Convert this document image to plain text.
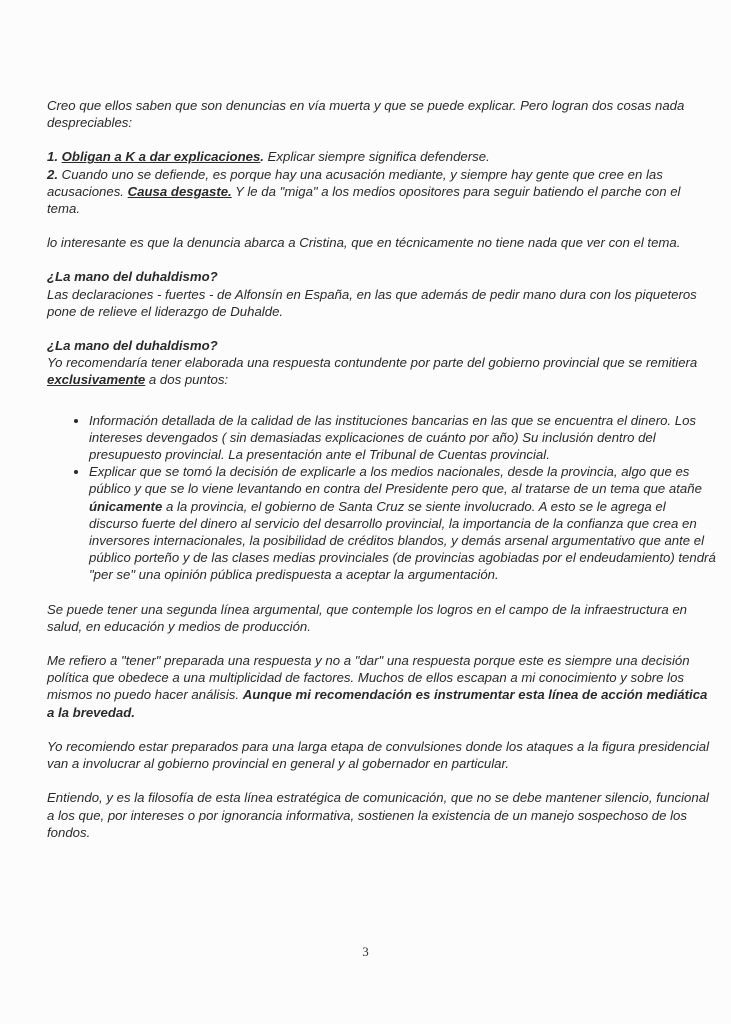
Creo que ellos saben que son denuncias en vía muerta y que se puede explicar. Pero logran dos cosas nada despreciables:

1. Obligan a K a dar explicaciones. Explicar siempre significa defenderse.
2. Cuando uno se defiende, es porque hay una acusación mediante, y siempre hay gente que cree en las acusaciones. Causa desgaste. Y le da "miga" a los medios opositores para seguir batiendo el parche con el tema.

lo interesante es que la denuncia abarca a Cristina, que en técnicamente no tiene nada que ver con el tema.

¿La mano del duhaldismo?

Las declaraciones - fuertes - de Alfonsín en España, en las que además de pedir mano dura con los piqueteros pone de relieve el liderazgo de Duhalde.

¿La mano del duhaldismo?

Yo recomendaría tener elaborada una respuesta contundente por parte del gobierno provincial que se remitiera exclusivamente a dos puntos:

• Información detallada de la calidad de las instituciones bancarias en las que se encuentra el dinero. Los intereses devengados ( sin demasiadas explicaciones de cuánto por año) Su inclusión dentro del presupuesto provincial. La presentación ante el Tribunal de Cuentas provincial.
• Explicar que se tomó la decisión de explicarle a los medios nacionales, desde la provincia, algo que es público y que se lo viene levantando en contra del Presidente pero que, al tratarse de un tema que atañe únicamente a la provincia, el gobierno de Santa Cruz se siente involucrado. A esto se le agrega el discurso fuerte del dinero al servicio del desarrollo provincial, la importancia de la confianza que crea en inversores internacionales, la posibilidad de créditos blandos, y demás arsenal argumentativo que ante el público porteño y de las clases medias provinciales (de provincias agobiadas por el endeudamiento) tendrá "per se" una opinión pública predispuesta a aceptar la argumentación.

Se puede tener una segunda línea argumental, que contemple los logros en el campo de la infraestructura en salud, en educación y medios de producción.

Me refiero a "tener" preparada una respuesta y no a "dar" una respuesta porque este es siempre una decisión política que obedece a una multiplicidad de factores. Muchos de ellos escapan a mi conocimiento y sobre los mismos no puedo hacer análisis. Aunque mi recomendación es instrumentar esta línea de acción mediática a la brevedad.

Yo recomiendo estar preparados para una larga etapa de convulsiones donde los ataques a la figura presidencial van a involucrar al gobierno provincial en general y al gobernador en particular.

Entiendo, y es la filosofía de esta línea estratégica de comunicación, que no se debe mantener silencio, funcional a los que, por intereses o por ignorancia informativa, sostienen la existencia de un manejo sospechoso de los fondos.

3
